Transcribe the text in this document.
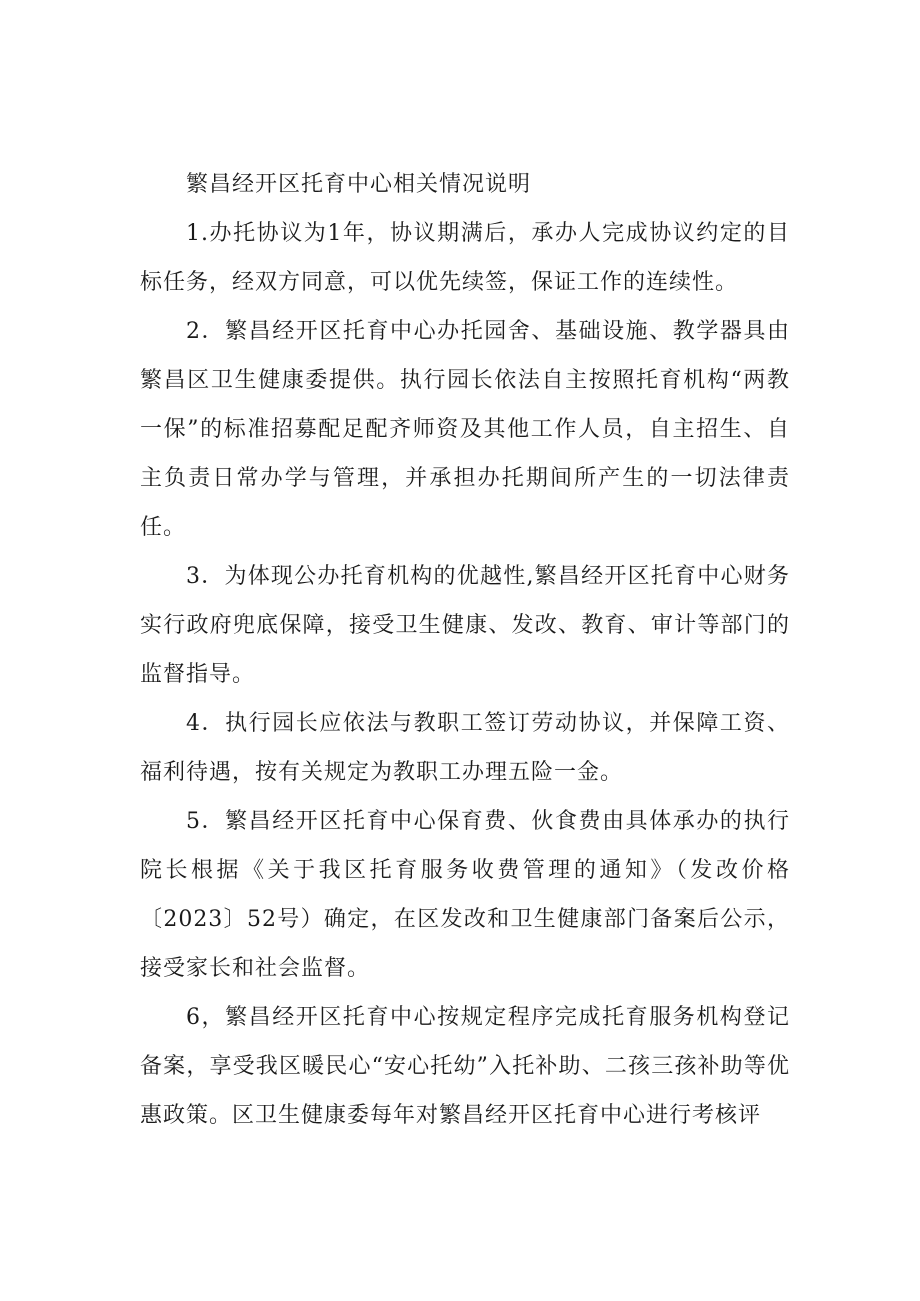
繁昌经开区托育中心相关情况说明

1.办托协议为1年，协议期满后，承办人完成协议约定的目标任务，经双方同意，可以优先续签，保证工作的连续性。

2．繁昌经开区托育中心办托园舍、基础设施、教学器具由繁昌区卫生健康委提供。执行园长依法自主按照托育机构“两教一保”的标准招募配足配齐师资及其他工作人员，自主招生、自主负责日常办学与管理，并承担办托期间所产生的一切法律责任。

3．为体现公办托育机构的优越性,繁昌经开区托育中心财务实行政府兜底保障，接受卫生健康、发改、教育、审计等部门的监督指导。

4．执行园长应依法与教职工签订劳动协议，并保障工资、福利待遇，按有关规定为教职工办理五险一金。

5．繁昌经开区托育中心保育费、伙食费由具体承办的执行院长根据《关于我区托育服务收费管理的通知》（发改价格〔2023〕52号）确定，在区发改和卫生健康部门备案后公示，接受家长和社会监督。

6，繁昌经开区托育中心按规定程序完成托育服务机构登记备案，享受我区暖民心“安心托幼”入托补助、二孩三孩补助等优惠政策。区卫生健康委每年对繁昌经开区托育中心进行考核评
